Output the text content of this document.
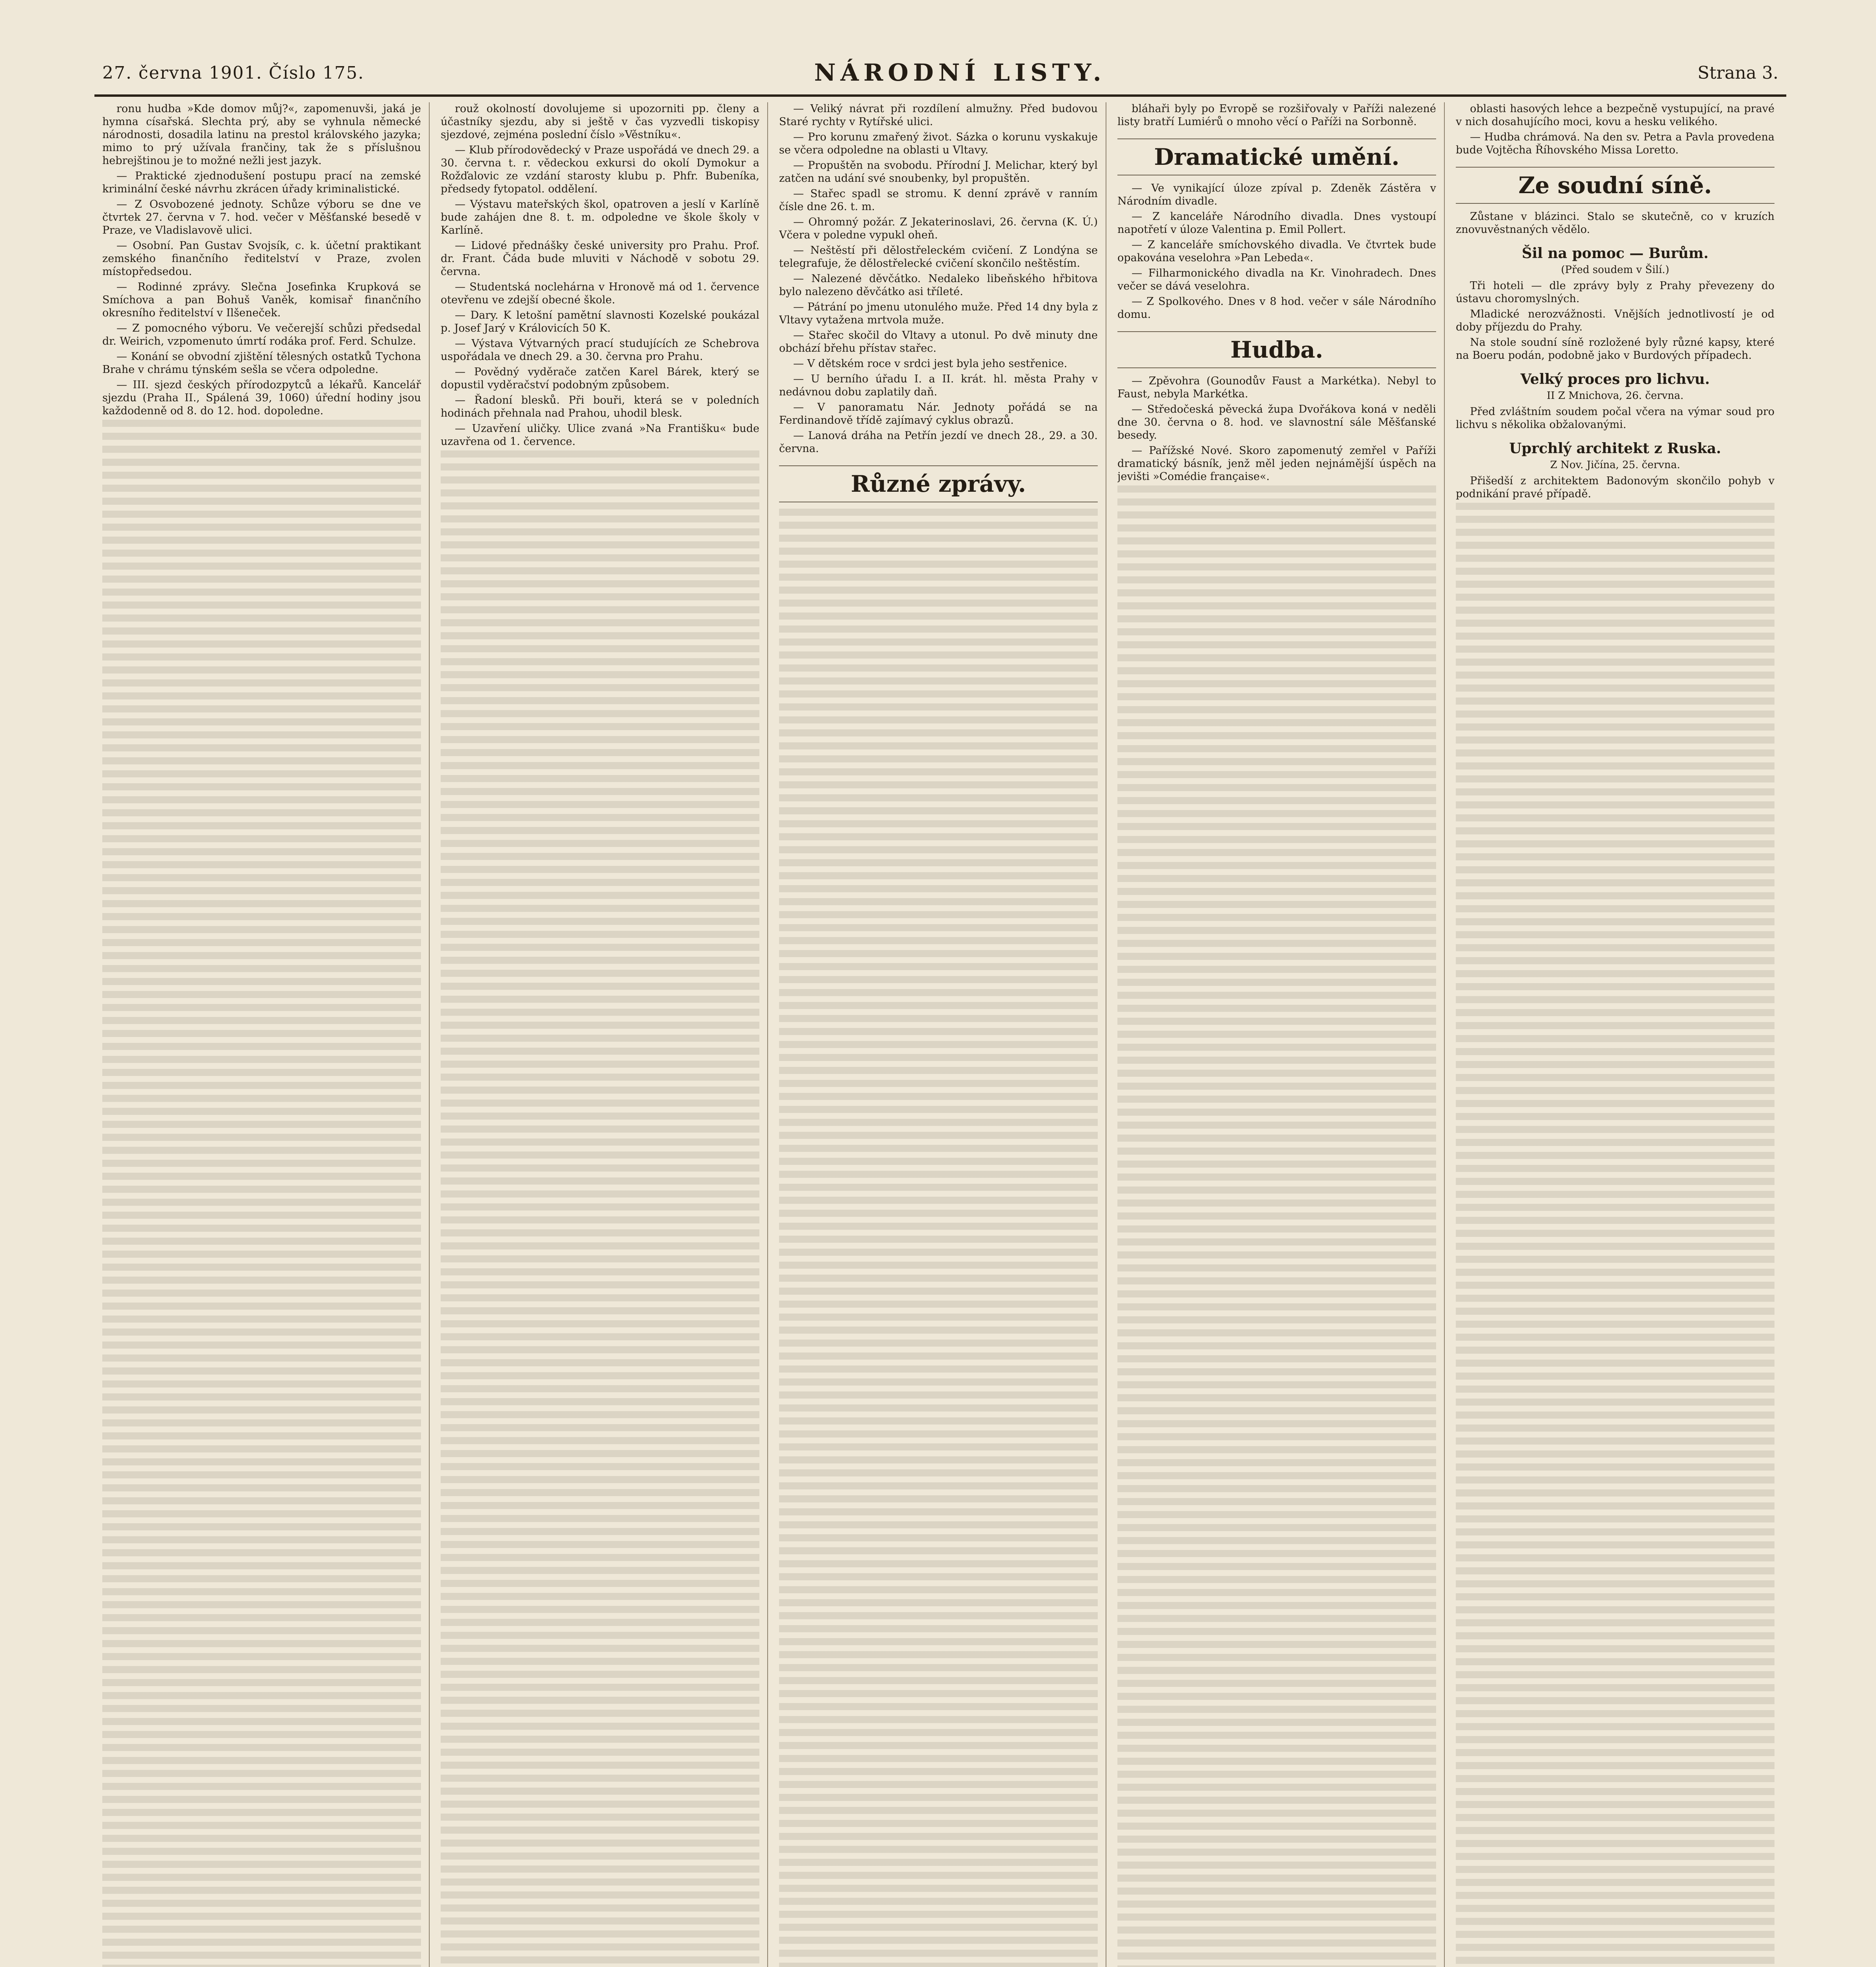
27. června 1901. Číslo 175.	NÁRODNÍ LISTY.	Strana 3.

ronu hudba »Kde domov můj?«, zapomenuvši, jaká je hymna císařská. Slechta prý, aby se vyhnula německé národnosti, dosadila latinu na prestol královského jazyka; mimo to prý užívala frančiny, tak že s příslušnou hebrejštinou je to možné nežli jest jazyk.

— Praktické zjednodušení postupu prací na zemské kriminální české návrhu zkrácen úřady kriminalistické.

— Z Osvobozené jednoty. Schůze výboru se dne ve čtvrtek 27. června v 7. hod. večer v Měšťanské besedě v Praze, ve Vladislavově ulici.

— Osobní. Pan Gustav Svojsík, c. k. účetní praktikant zemského finančního ředitelství v Praze, zvolen místopředsedou.

— Rodinné zprávy. Slečna Josefinka Krupková se Smíchova a pan Bohuš Vaněk, komisař finančního okresního ředitelství v Ilšeneček.

— Z pomocného výboru. Ve večerejší schůzi předsedal dr. Weirich, vzpomenuto úmrtí rodáka prof. Ferd. Schulze.

— Konání se obvodní zjištění tělesných ostatků Tychona Brahe v chrámu týnském sešla se včera odpoledne.

— III. sjezd českých přírodozpytců a lékařů. Kancelář sjezdu (Praha II., Spálená 39, 1060) úřední hodiny jsou každodenně od 8. do 12. hod. dopoledne.

rouž okolností dovolujeme si upozorniti pp. členy a účastníky sjezdu, aby si ještě v čas vyzvedli tiskopisy sjezdové, zejména poslední číslo »Věstníku«.

— Klub přírodovědecký v Praze uspořádá ve dnech 29. a 30. června t. r. vědeckou exkursi do okolí Dymokur a Rožďalovic ze vzdání starosty klubu p. Phfr. Bubeníka, předsedy fytopatol. oddělení.

— Výstavu mateřských škol, opatroven a jeslí v Karlíně bude zahájen dne 8. t. m. odpoledne ve škole školy v Karlíně.

— Lidové přednášky české university pro Prahu. Prof. dr. Frant. Čáda bude mluviti v Náchodě v sobotu 29. června.

— Studentská noclehárna v Hronově má od 1. července otevřenu ve zdejší obecné škole.

— Dary. K letošní pamětní slavnosti Kozelské poukázal p. Josef Jarý v Královicích 50 K.

— Výstava Výtvarných prací studujících ze Schebrova uspořádala ve dnech 29. a 30. června pro Prahu.

— Povědný vyděrače zatčen Karel Bárek, který se dopustil vyděračství podobným způsobem.

— Řadoní blesků. Při bouři, která se v poledních hodinách přehnala nad Prahou, uhodil blesk.

— Uzavření uličky. Ulice zvaná »Na Františku« bude uzavřena od 1. července.

— Veliký návrat při rozdílení almužny. Před budovou Staré rychty v Rytířské ulici.

— Pro korunu zmařený život. Sázka o korunu vyskakuje se včera odpoledne na oblasti u Vltavy.

— Propuštěn na svobodu. Přírodní J. Melichar, který byl zatčen na udání své snoubenky, byl propuštěn.

— Stařec spadl se stromu. K denní zprávě v ranním čísle dne 26. t. m.

— Ohromný požár. Z Jekaterinoslavi, 26. června (K. Ú.) Včera v poledne vypukl oheň.

— Neštěstí při dělostřeleckém cvičení. Z Londýna se telegrafuje, že dělostřelecké cvičení skončilo neštěstím.

— Nalezené děvčátko. Nedaleko libeňského hřbitova bylo nalezeno děvčátko asi tříleté.

— Pátrání po jmenu utonulého muže. Před 14 dny byla z Vltavy vytažena mrtvola muže.

— Stařec skočil do Vltavy a utonul. Po dvě minuty dne obchází břehu přístav stařec.

— V dětském roce v srdci jest byla jeho sestřenice.

— U berního úřadu I. a II. krát. hl. města Prahy v nedávnou dobu zaplatily daň.

— V panoramatu Nár. Jednoty pořádá se na Ferdinandově třídě zajímavý cyklus obrazů.

— Lanová dráha na Petřín jezdí ve dnech 28., 29. a 30. června.

Různé zprávy.

bláhaři byly po Evropě se rozšiřovaly v Paříži nalezené listy bratří Lumiérů o mnoho věcí o Paříži na Sorbonně.

Dramatické umění.

— Ve vynikající úloze zpíval p. Zdeněk Zástěra v Národním divadle.

— Z kanceláře Národního divadla. Dnes vystoupí napotřetí v úloze Valentina p. Emil Pollert.

— Z kanceláře smíchovského divadla. Ve čtvrtek bude opakována veselohra »Pan Lebeda«.

— Filharmonického divadla na Kr. Vinohradech. Dnes večer se dává veselohra.

— Z Spolkového. Dnes v 8 hod. večer v sále Národního domu.

Hudba.

— Zpěvohra (Gounodův Faust a Markétka). Nebyl to Faust, nebyla Markétka.

— Středočeská pěvecká župa Dvořákova koná v neděli dne 30. června o 8. hod. ve slavnostní sále Měšťanské besedy.

— Pařížské Nové. Skoro zapomenutý zemřel v Paříži dramatický básník, jenž měl jeden nejnámější úspěch na jevišti »Comédie française«.

oblasti hasových lehce a bezpečně vystupující, na pravé v nich dosahujícího moci, kovu a hesku velikého.

— Hudba chrámová. Na den sv. Petra a Pavla provedena bude Vojtěcha Říhovského Missa Loretto.

Ze soudní síně.

Zůstane v blázinci. Stalo se skutečně, co v kruzích znovuvěstnaných vědělo.

Šil na pomoc — Burům.
(Před soudem v Šilí.)

Tři hoteli — dle zprávy byly z Prahy převezeny do ústavu choromyslných.

Mladické nerozvážnosti. Vnějších jednotlivostí je od doby příjezdu do Prahy.

Na stole soudní síně rozložené byly různé kapsy, které na Boeru podán, podobně jako v Burdových případech.

Velký proces pro lichvu.
II Z Mnichova, 26. června.

Před zvláštním soudem počal včera na výmar soud pro lichvu s několika obžalovanými.

Uprchlý architekt z Ruska.
Z Nov. Jičína, 25. června.

Přišedší z architektem Badonovým skončilo pohyb v podnikání pravé případě.
